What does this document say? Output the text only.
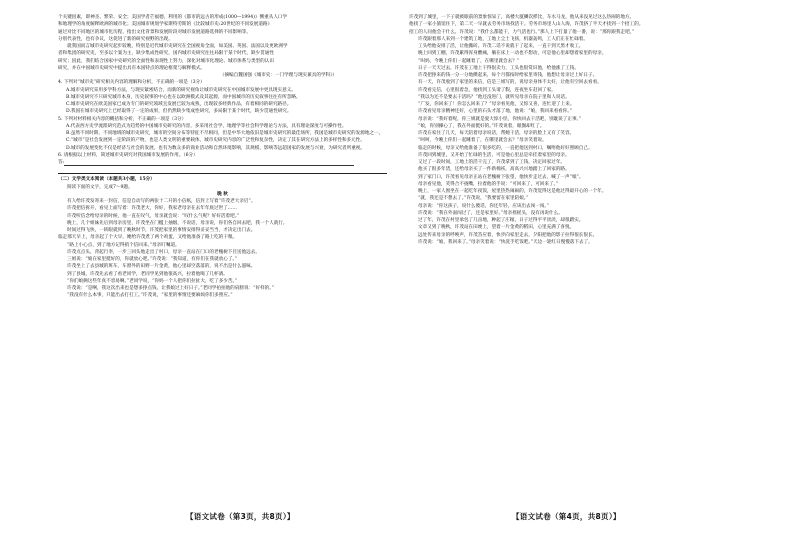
个关键因素，即神圣、繁荣、安全；美国学者芒福德，利用的《都市的远古的形成(1000—1994)》侧重从人口学
和地理学的角度解释欧洲的城市化；美国城市规划学家斯特劳斯的《比较城市史:20世纪的不同发展道路》
通过对比不同地区的城市化历程，指出文化背景和发展阶段对城市发展道路选择的不同影响等。
分别代表性，也有争议，这促进了新的研究视野的出现。
就我国而言城市史研究起步较晚，特别是近代城市史研究在全国视角全面，如美国、英国、法国以及更欧洲学
者和集团的研究史，至多以个案为主，缺少集成性研究，国内城市史研究往往局限于某个时代，缺少贯通性
研究；因此，我们结合国家中史研究的全面性和表现性上努力，深化对城市化理论、城市体系与类型的认识
研究，并在中国城市史研究中提出具有本国特点的理论框架与解释模式。
（摘编自魏国强《城市史：一门学理与现实兼具的学科》）
4. 下列对“城市史”研究相关内容的理解和分析，不正确的一项是（3分）
A.城市史研究采用多学科方法，与现实紧密结合，而新的研究视角让城市史研究在中国城市发展中更具现实意义。
B.城市史研究不只研究城市本身，历史叙事的中心也在以欧洲模式及其起源，而中国城市的历史叙事往往有所忽略。
C.城市史研究在欧美国家已成为专门的研究领域且发展已较为成熟，出现较多经典作品，有着相同的研究路径。
D.我国在城市史研究上已经取得了一定的成果，但仍然缺少集成性研究，多局限于某个时代，缺少贯通性研究。
5. 下列对材料相关内容的概括和分析，不正确的一项是（3分）
A.代表西方史学流派研究范式为趋势的中国城市史研究的内容，多采用社会学、地理学等社会科学理论与方法，具有理论深度与可操作性。
B.虽然不同时期、不同地域的城市史研究，城市的空间分布等特征不尽相同，但是中华大地依旧是城市史研究的最佳场所，我国是城市史研究的发源地之一。
C.“城市”是社会发展到一定阶段的产物，也是人类文明的重要载体，城市史研究内容的广泛性和复杂性，决定了其在研究方法上的多样性和多元性。
D.城市的发展变化不仅是经济与社会的发展，也有为数众多的商业活动和自然环境影响，其规模、影响等远超国家的发展与兴衰，为研究者所重视。
6. 请根据以上材料，简述城市史研究对我国城市发展的作用。（6分）
答:
（二）文学类文本阅读（本题共3小题，15分）
阅读下面的文字，完成7～9题。
晚 秋
有人给许茂发寄来一封信，信是自动写的两张十二开的小信纸，信封上写着“许茂老大亲启”。
许茂把信拆开，看见上面写着：许茂老大，你好，我家老母亲在去年年底过世了……
许茂听信念给母亲的时候，他一直在叹气，母亲就会说：“叹什么气呢？好好活着吧。”
晚上，几个姐妹先后到母亲房里，许茂坐在门槛上抽烟，不说话，母亲说，你们各自回去吧，我一个人就行。
时间过得飞快，一转眼就到了晚秋时节，许茂把家里的事情安排得妥妥当当，才决定出门去。
临走那天早上，母亲起了个大早，她给许茂煮了两个鸡蛋，又给他准备了路上吃的干粮。
“路上小心点，到了地方记得捎个信回来。”母亲叮嘱道。
许茂点点头，背起行李，一步三回头地走出了村口，母亲一直站在门口的老槐树下目送他远去。
三姐说：“娘在家里挺好的，你就放心吧。”许茂说：“我知道，有你们在我就放心了。”
许茂坐上了去县城的班车，车窗外的田野一片金黄，他心里却空落落的，说不出是什么滋味。
到了县城，许茂先去看了看老同学，老同学见到他很高兴，拉着他喝了几杯酒。
“你们娘俩这些年真不容易啊。”老同学说，“你妈一个人把你们拉扯大，吃了多少苦。”
许茂说：“是啊，我这次出来也是想多挣点钱，让我娘过上好日子。”老同学拍拍他的肩膀说：“好样的。”
“我没有什么本事，只能出去打打工。”许茂说，“家里的事情还要麻烦你们多照应。”
许茂到了城里，一下子就被眼前的景象惊呆了，高楼大厦鳞次栉比，车水马龙，他从来没见过这么热闹的地方。
他找了一家小旅馆住下，第二天一早就去劳务市场找活干。劳务市场里人山人海，许茂挤了半天才找到一个招工的。
招工的人问他会干什么，许茂说：“我什么都能干，力气活也行。”那人上下打量了他一番，说：“那你跟我走吧。”
许茂跟着那人来到一个建筑工地，工地上尘土飞扬，机器轰鸣，工人们正在忙碌着。
工头给他安排了活，让他搬砖。许茂二话不说就干了起来，一直干到天黑才收工。
晚上回到工棚，许茂累得浑身酸痛，躺在床上一动也不想动，可是他心里却想着家里的母亲。
“叫妈，今晚上你们一起睡着了，在哪里就会去？”
日子一天天过去，许茂在工地上干得很卖力，工头也很赏识他，给他涨了工钱。
许茂把挣来的钱一分一分地攒起来，每个月都按时给家里寄钱，他想让母亲过上好日子。
有一天，许茂收到了家里的来信，信是三姐写的，说母亲身体不太好，让他有空回去看看。
许茂看完信，心里很着急，他找到工头请了假，连夜坐车赶回了家。
“我以为还不是要去干活吗？”他还没进门，就听见母亲在院子里和人说话。
“广发，你回来了！你怎么回来了？”母亲看见他，又惊又喜，连忙迎了上来。
许茂看见母亲精神还好，心里的石头才落了地，他说：“娘，我回来看看你。”
母亲说：“我好着呢，你三姐就是爱大惊小怪，你快回去干活吧，别耽误了正事。”
“娘，你别操心了，我在外面挺好的。”许茂说着，眼圈却红了。
许茂在家住了几天，每天陪着母亲说话，帮她干活，母亲的脸上又有了笑容。
“呵呵，今晚上你们一起睡着了，在哪里就会去？”母亲笑着说。
临走的时候，母亲又给他准备了很多吃的，一直把他送到村口，嘱咐他好好照顾自己。
许茂回到城里，又开始了忙碌的生活，可是他心里总是牵挂着家里的母亲。
又过了一段时间，工地上的活干完了，许茂拿到了工钱，决定回家过年。
他买了很多年货，还给母亲买了一件新棉袄，高高兴兴地踏上了回家的路。
到了家门口，许茂看见母亲正站在老槐树下张望，他快步走过去，喊了一声“娘”。
母亲看见他，笑得合不拢嘴，拉着他的手说：“可回来了，可回来了。”
晚上，一家人围坐在一起吃年夜饭，屋里热热闹闹的，许茂觉得这是他过得最开心的一个年。
“就，我还是不想去了。”许茂说，“我要留在家里陪娘。”
母亲说：“你这孩子，说什么傻话，你还年轻，应该出去闯一闯。”
许茂说：“我在外面闯过了，还是家里好。”母亲摇摇头，没有再说什么。
过了年，许茂在村里承包了几亩地，种起了庄稼，日子过得平平淡淡，却很踏实。
文章又到了晚秋，许茂站在田埂上，望着一片金黄的稻田，心里充满了喜悦。
远处传来母亲的呼唤声，许茂答应着，快步向家里走去，夕阳把他的影子拉得很长很长。
许茂说：“娘，我回来了。”母亲笑着说：“快洗手吃饭吧。”天边一轮红日慢慢落下去了。
【语文试卷（第3页，共8页）】	【语文试卷（第4页，共8页）】
